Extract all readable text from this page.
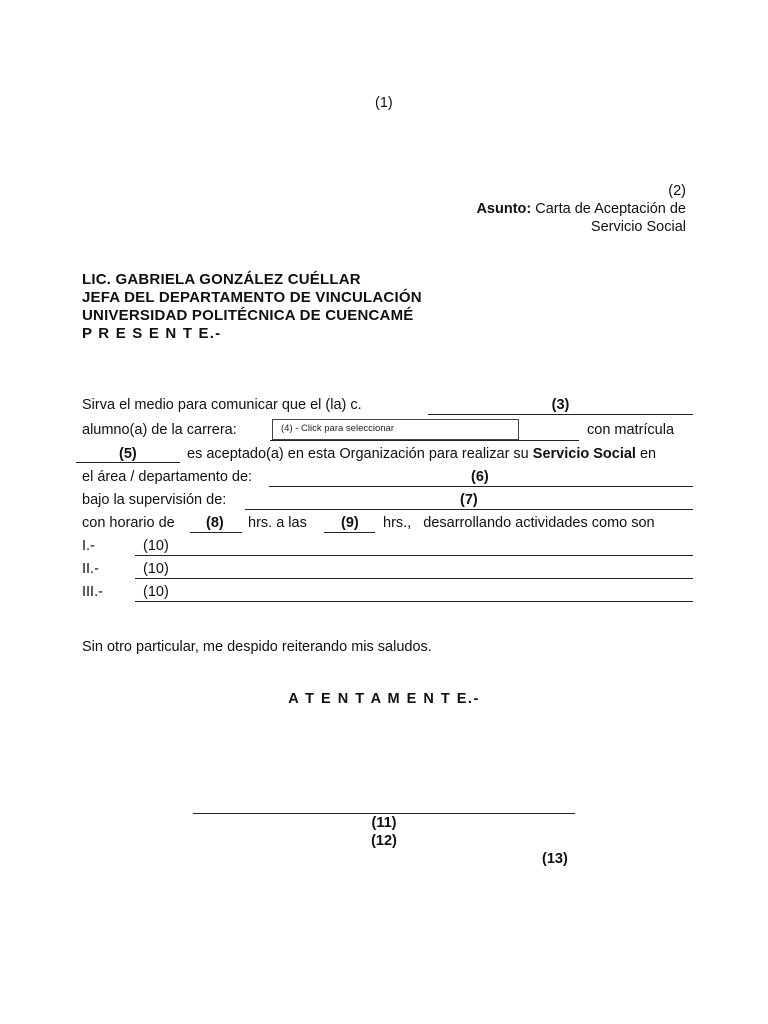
(1)
(2)
Asunto: Carta de Aceptación de
Servicio Social
LIC. GABRIELA GONZÁLEZ CUÉLLAR
JEFA DEL DEPARTAMENTO DE VINCULACIÓN
UNIVERSIDAD POLITÉCNICA DE CUENCAMÉ
P R E S E N T E.-
Sirva el medio para comunicar que el (la) c.	(3)
alumno(a) de la carrera:	(4) - Click para seleccionar	con matrícula
(5)	es aceptado(a) en esta Organización para realizar su Servicio Social en
el área / departamento de:	(6)
bajo la supervisión de:	(7)
con horario de (8) hrs. a las (9) hrs.,   desarrollando actividades como son
I.-	(10)
II.-	(10)
III.-	(10)
Sin otro particular, me despido reiterando mis saludos.
A T E N T A M E N T E.-
(11)
(12)
(13)
